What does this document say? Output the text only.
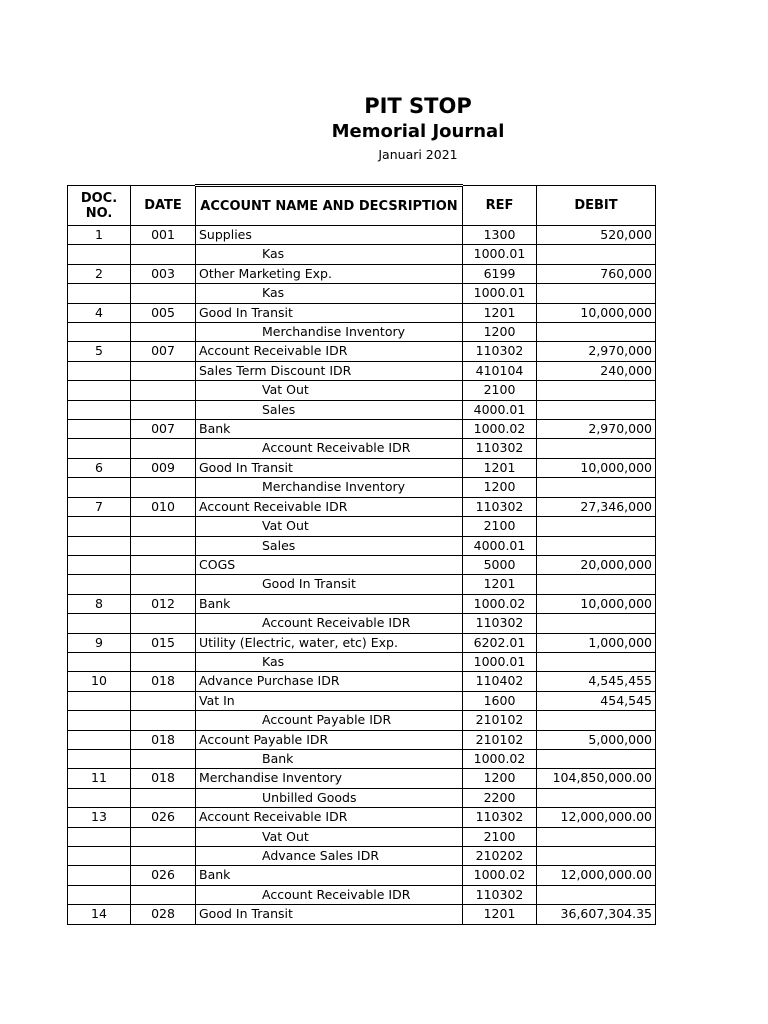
PIT STOP
Memorial Journal
Januari 2021
DOC. NO.	DATE	ACCOUNT NAME AND DECSRIPTION	REF	DEBIT
1	001	Supplies	1300	520,000
		Kas	1000.01	
2	003	Other Marketing Exp.	6199	760,000
		Kas	1000.01	
4	005	Good In Transit	1201	10,000,000
		Merchandise Inventory	1200	
5	007	Account Receivable IDR	110302	2,970,000
		Sales Term Discount IDR	410104	240,000
		Vat Out	2100	
		Sales	4000.01	
	007	Bank	1000.02	2,970,000
		Account Receivable IDR	110302	
6	009	Good In Transit	1201	10,000,000
		Merchandise Inventory	1200	
7	010	Account Receivable IDR	110302	27,346,000
		Vat Out	2100	
		Sales	4000.01	
		COGS	5000	20,000,000
		Good In Transit	1201	
8	012	Bank	1000.02	10,000,000
		Account Receivable IDR	110302	
9	015	Utility (Electric, water, etc) Exp.	6202.01	1,000,000
		Kas	1000.01	
10	018	Advance Purchase IDR	110402	4,545,455
		Vat In	1600	454,545
		Account Payable IDR	210102	
	018	Account Payable IDR	210102	5,000,000
		Bank	1000.02	
11	018	Merchandise Inventory	1200	104,850,000.00
		Unbilled Goods	2200	
13	026	Account Receivable IDR	110302	12,000,000.00
		Vat Out	2100	
		Advance Sales IDR	210202	
	026	Bank	1000.02	12,000,000.00
		Account Receivable IDR	110302	
14	028	Good In Transit	1201	36,607,304.35
